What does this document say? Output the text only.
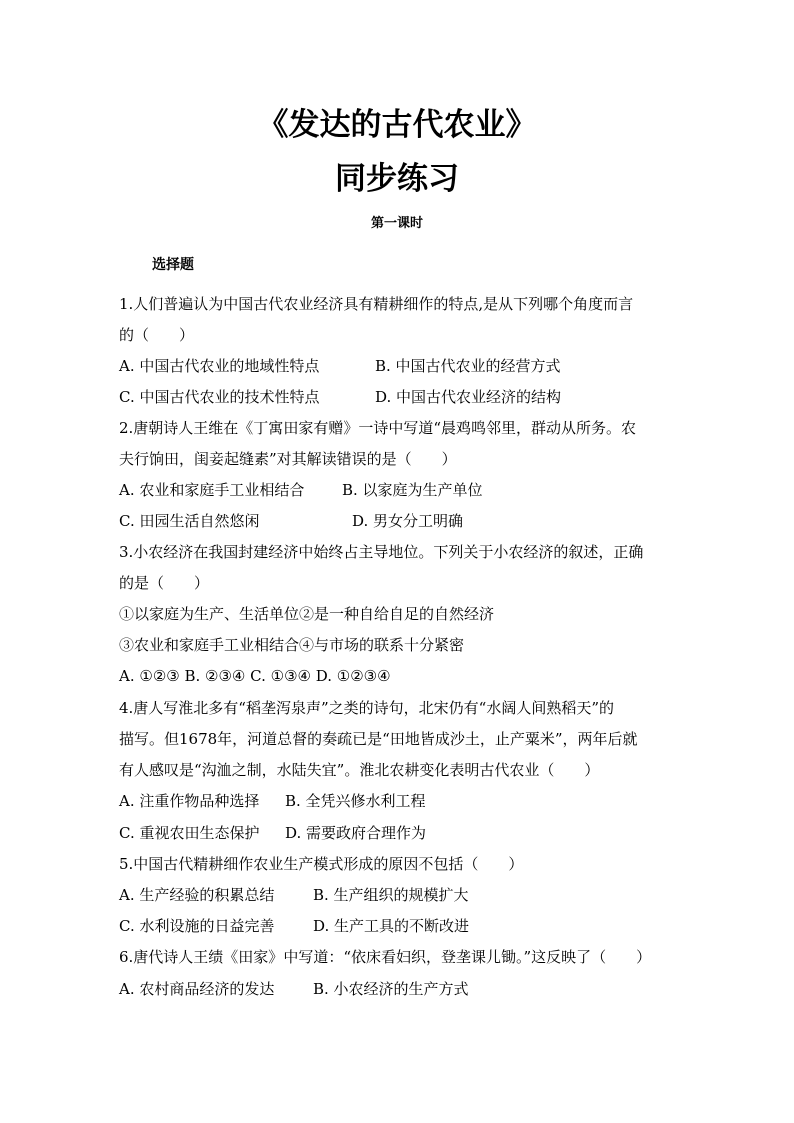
《发达的古代农业》
同步练习
第一课时
选择题
1.人们普遍认为中国古代农业经济具有精耕细作的特点,是从下列哪个角度而言
的（　　）
A. 中国古代农业的地域性特点	B. 中国古代农业的经营方式
C. 中国古代农业的技术性特点	D. 中国古代农业经济的结构
2.唐朝诗人王维在《丁寓田家有赠》一诗中写道“晨鸡鸣邻里，群动从所务。农
夫行饷田，闺妾起缝素”对其解读错误的是（　　）
A. 农业和家庭手工业相结合	B. 以家庭为生产单位
C. 田园生活自然悠闲	D. 男女分工明确
3.小农经济在我国封建经济中始终占主导地位。下列关于小农经济的叙述，正确
的是（　　）
①以家庭为生产、生活单位②是一种自给自足的自然经济
③农业和家庭手工业相结合④与市场的联系十分紧密
A. ①②③ B. ②③④ C. ①③④ D. ①②③④
4.唐人写淮北多有“稻垄泻泉声”之类的诗句，北宋仍有“水阔人间熟稻天”的
描写。但1678年，河道总督的奏疏已是“田地皆成沙土，止产粟米”，两年后就
有人感叹是“沟洫之制，水陆失宜”。淮北农耕变化表明古代农业（　　）
A. 注重作物品种选择 B. 全凭兴修水利工程
C. 重视农田生态保护 D. 需要政府合理作为
5.中国古代精耕细作农业生产模式形成的原因不包括（　　）
A. 生产经验的积累总结	B. 生产组织的规模扩大
C. 水利设施的日益完善	D. 生产工具的不断改进
6.唐代诗人王绩《田家》中写道：“依床看妇织，登垄课儿锄。”这反映了（　　）
A. 农村商品经济的发达	B. 小农经济的生产方式
